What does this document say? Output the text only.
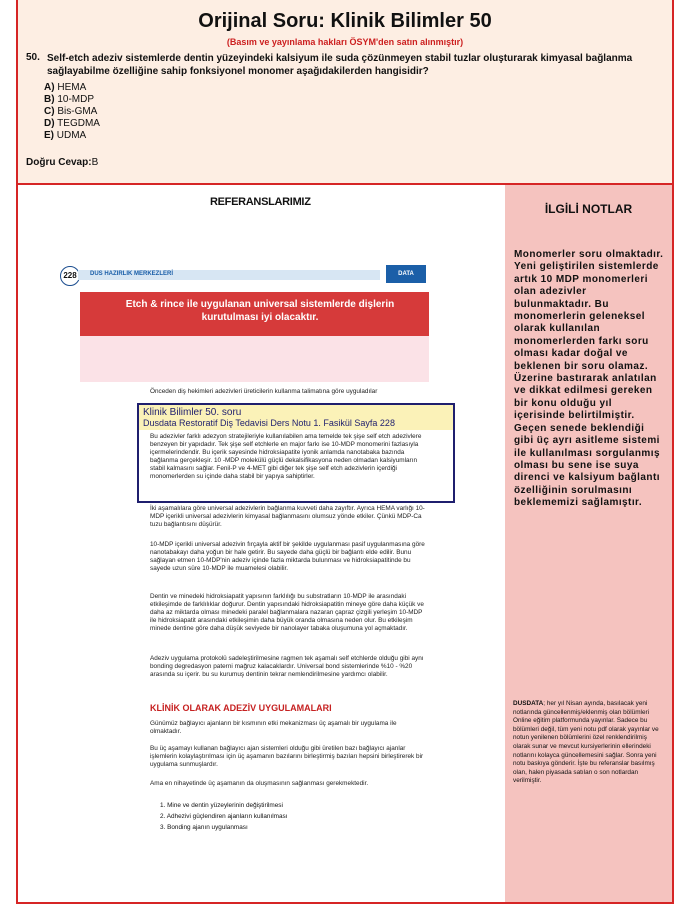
Orijinal Soru: Klinik Bilimler 50
(Basım ve yayınlama hakları ÖSYM'den satın alınmıştır)
50. Self-etch adeziv sistemlerde dentin yüzeyindeki kalsiyum ile suda çözünmeyen stabil tuzlar oluşturarak kimyasal bağlanma sağlayabilme özelliğine sahip fonksiyonel monomer aşağıdakilerden hangisidir?
A) HEMA
B) 10-MDP
C) Bis-GMA
D) TEGDMA
E) UDMA
Doğru Cevap:B
REFERANSLARIMIZ
228	DUS HAZIRLIK MERKEZLERİ	DATA
Etch & rince ile uygulanan universal sistemlerde dişlerin kurutulması iyi olacaktır.
Önceden diş hekimleri adezivleri üreticilerin kullanma talimatına göre uyguladılar
Bu adezivler farklı adezyon stratejileriyle kullanılabilen ama temelde tek şişe self etch adezivlere benzeyen bir yapıdadır. Tek şişe self etchlerle en major farkı ise 10-MDP monomerini fazlasıyla içermelerindendir. Bu içerik sayesinde hidroksiapatite iyonik anlamda nanotabaka bazında bağlanma gerçekleşir. 10 -MDP molekülü güçlü dekalsifikasyona neden olmadan kalsiyumların stabil kalmasını sağlar. Fenil-P ve 4-MET gibi diğer tek şişe self etch adezivlerin içerdiği monomerlerden su içinde daha stabil bir yapıya sahiptirler.
İki aşamalılara göre universal adezivlerin bağlanma kuvveti daha zayıftır. Ayrıca HEMA varlığı 10-MDP içerikli universal adezivlerin kimyasal bağlanmasını olumsuz yönde etkiler. Çünkü MDP-Ca tuzu bağlantısını düşürür.
10-MDP içerikli universal adezivin fırçayla aktif bir şekilde uygulanması pasif uygulanmasına göre nanotabakayı daha yoğun bir hale getirir. Bu sayede daha güçlü bir bağlantı elde edilir. Bunu sağlayan etmen 10-MDP'nin adeziv içinde fazla miktarda bulunması ve hidroksiapatitinde bu sayede uzun süre 10-MDP ile muamelesi olabilir.
Dentin ve minedeki hidroksiapatit yapısının farklılığı bu substratların 10-MDP ile arasındaki etkileşimde de farklılıklar doğurur. Dentin yapısındaki hidroksiapatitin mineye göre daha küçük ve daha az miktarda olması minedeki paralel bağlanmalara nazaran çapraz çizgili yerleşim 10-MDP ile hidroksiapatit arasındaki etkileşimin daha büyük oranda olmasına neden olur. Bu etkileşim minede dentine göre daha düşük seviyede bir nanolayer tabaka oluşumuna yol açmaktadır.
Adeziv uygulama protokolü sadeleştirilmesine ragmen tek aşamalı self etchlerde olduğu gibi aynı bonding degredasyon paterni mağruz kalacaklardır. Universal bond sistemlerinde %10 - %20 arasında su içerir. bu su kurumuş dentinin tekrar nemlendirilmesine yardımcı olabilir.
KLİNİK OLARAK ADEZİV UYGULAMALARI
Günümüz bağlayıcı ajanların bir kısmının etki mekanizması üç aşamalı bir uygulama ile olmaktadır.
Bu üç aşamayı kullanan bağlayıcı ajan sistemleri olduğu gibi üretilen bazı bağlayıcı ajanlar işlemlerin kolaylaştırılması için üç aşamanın bazılarını birleştirmiş bazıları hepsini birleştirerek bir uygulama sunmuşlardır.
Ama en nihayetinde üç aşamanın da oluşmasının sağlanması gerekmektedir.
1. Mine ve dentin yüzeylerinin değiştirilmesi
2. Adhezivi güçlendiren ajanların kullanılması
3. Bonding ajanın uygulanması
Klinik Bilimler 50. soru
Dusdata Restoratif Diş Tedavisi Ders Notu 1. Fasikül Sayfa 228
İLGİLİ NOTLAR
Monomerler soru olmaktadır. Yeni geliştirilen sistemlerde artık 10 MDP monomerleri olan adezivler bulunmaktadır. Bu monomerlerin geleneksel olarak kullanılan monomerlerden farkı soru olması kadar doğal ve beklenen bir soru olamaz. Üzerine bastırarak anlatılan ve dikkat edilmesi gereken bir konu olduğu yıl içerisinde belirtilmiştir. Geçen senede beklendiği gibi üç ayrı asitleme sistemi ile kullanılması sorgulanmış olması bu sene ise suya direnci ve kalsiyum bağlantı özelliğinin sorulmasını beklememizi sağlamıştır.
DUSDATA; her yıl Nisan ayında, basılacak yeni notlarında güncellenmiş/eklenmiş olan bölümleri Online eğitim platformunda yayınlar. Sadece bu bölümleri değil, tüm yeni notu pdf olarak yayınlar ve notun yenilenen bölümlerini özel renklendirilmiş olarak sunar ve mevcut kursiyerlerinin ellerindeki notlarını kolayca güncellemesini sağlar. Sonra yeni notu baskıya gönderir. İşte bu referanslar basılmış olan, halen piyasada satılan o son notlardan verilmiştir.
